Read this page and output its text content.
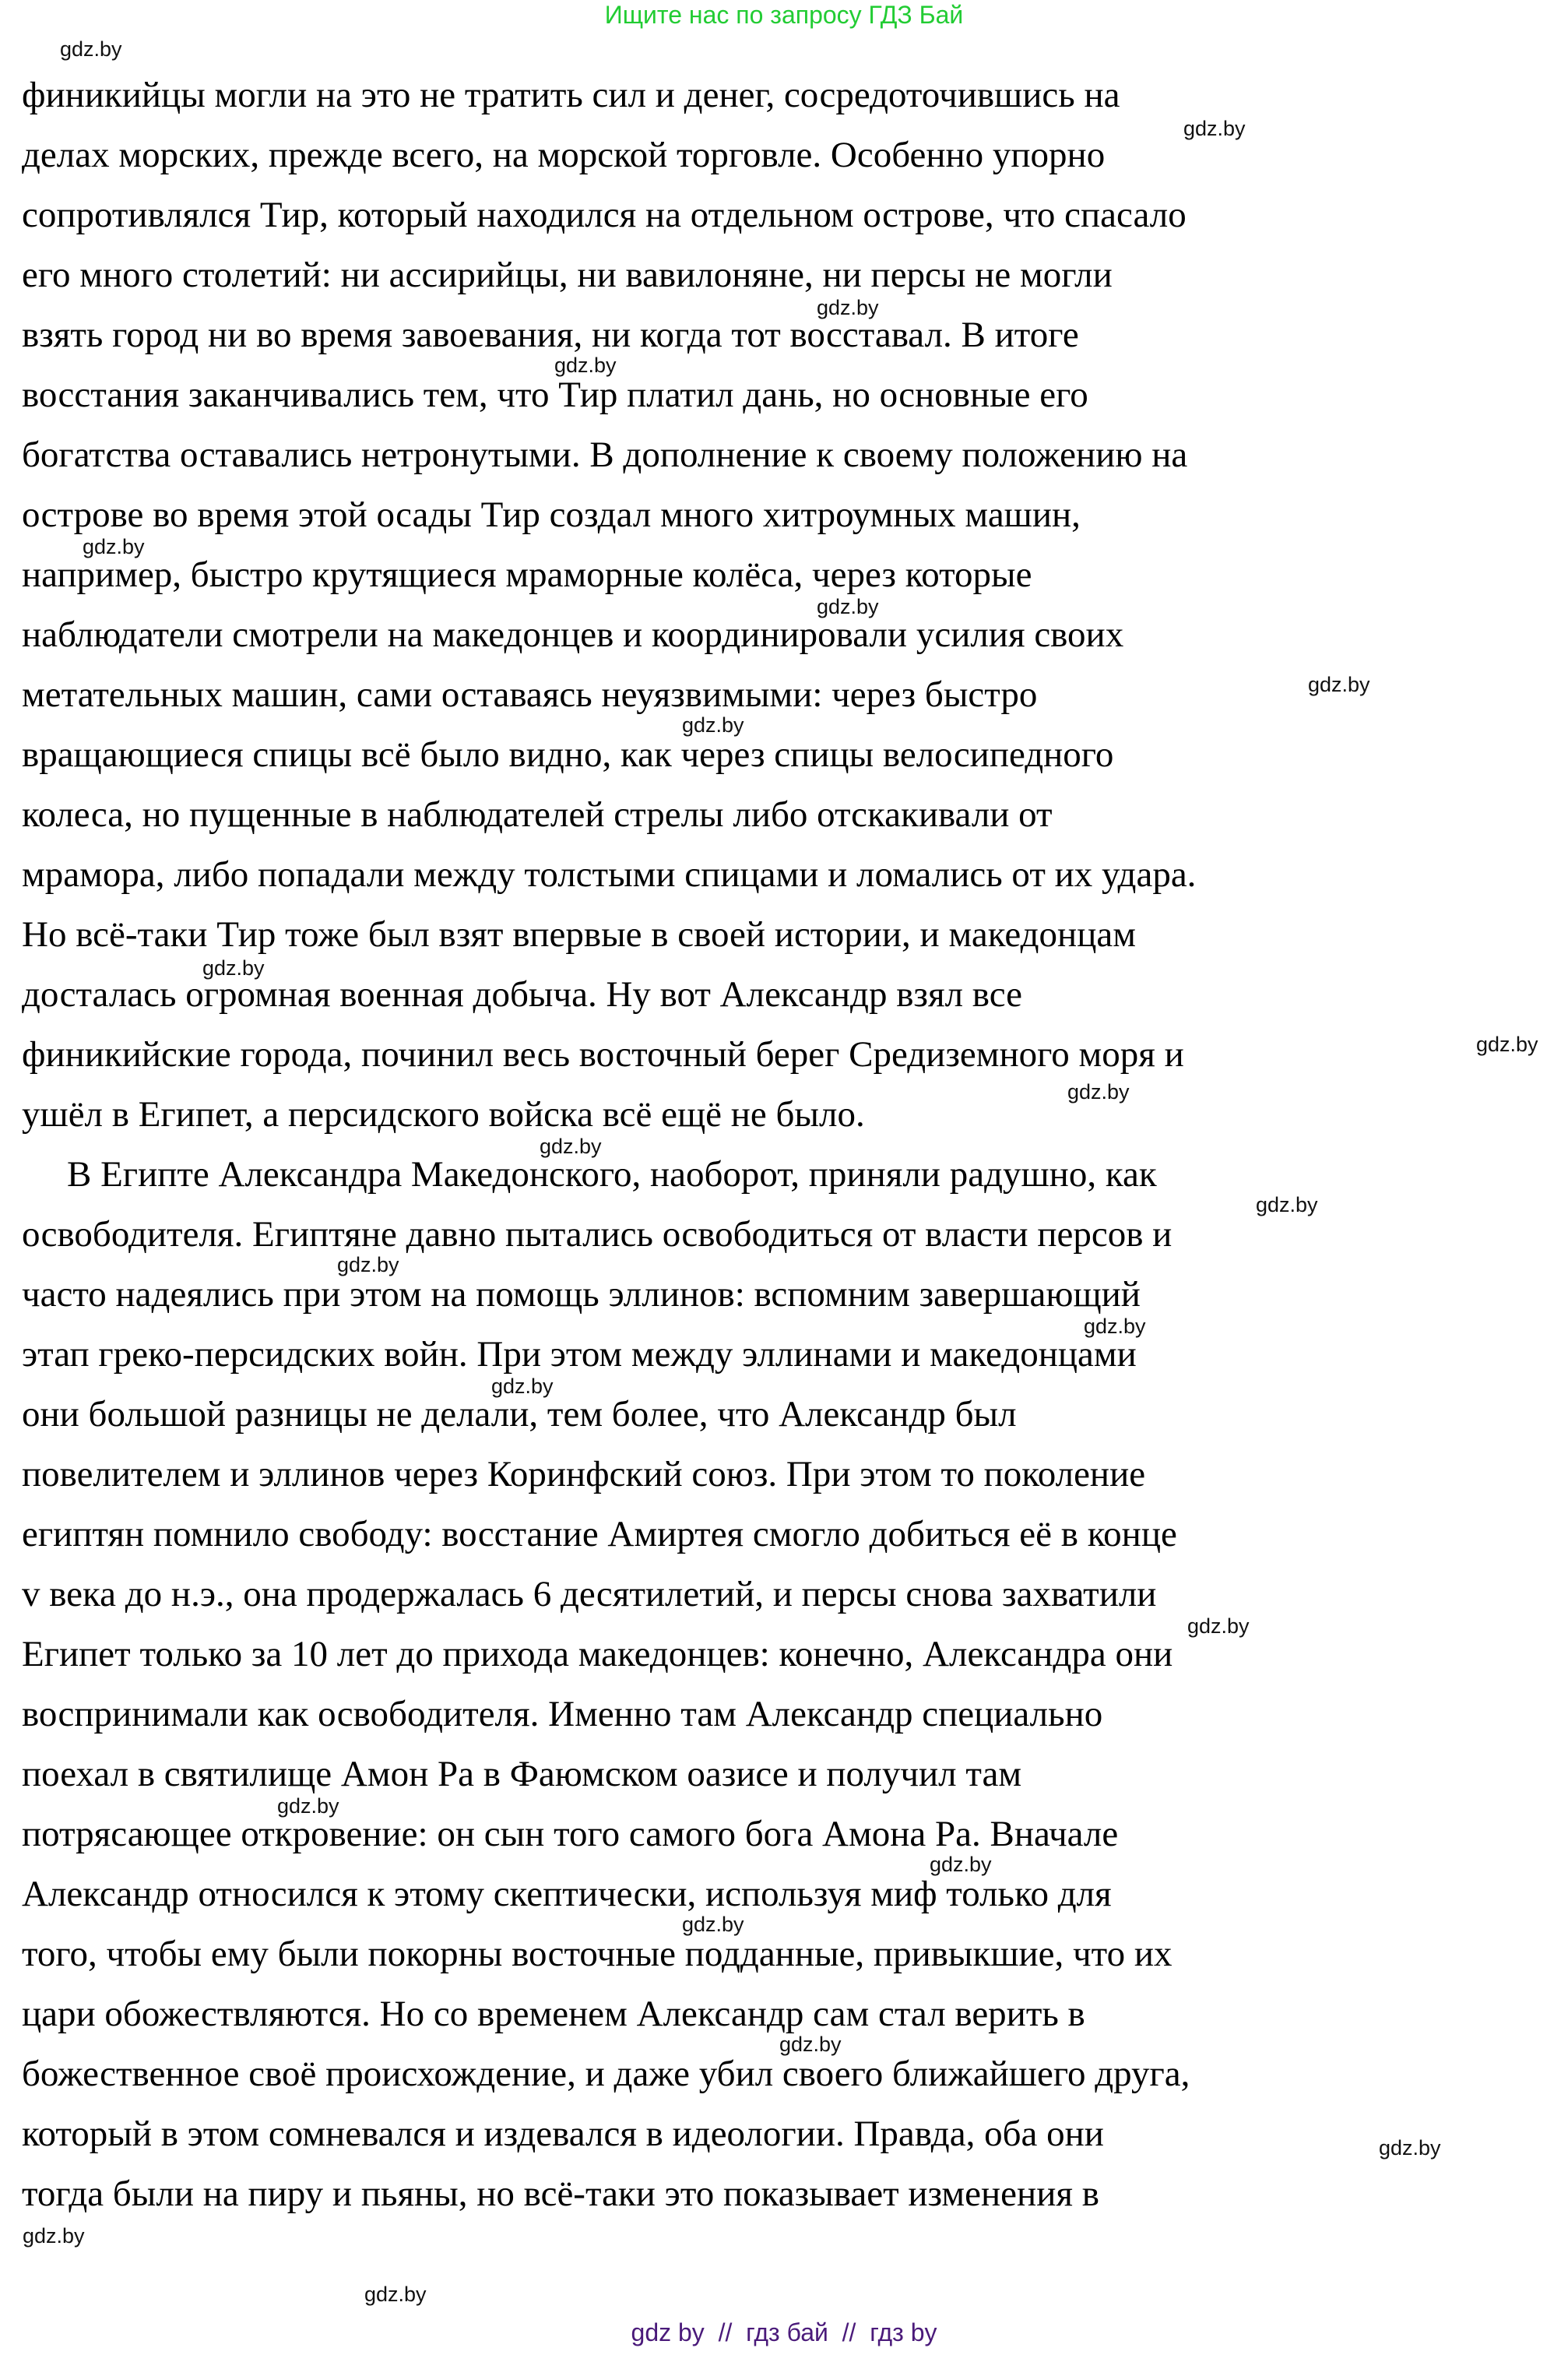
Ищите нас по запросу ГДЗ Бай
финикийцы могли на это не тратить сил и денег, сосредоточившись на
делах морских, прежде всего, на морской торговле. Особенно упорно
сопротивлялся Тир, который находился на отдельном острове, что спасало
его много столетий: ни ассирийцы, ни вавилоняне, ни персы не могли
взять город ни во время завоевания, ни когда тот восставал. В итоге
восстания заканчивались тем, что Тир платил дань, но основные его
богатства оставались нетронутыми. В дополнение к своему положению на
острове во время этой осады Тир создал много хитроумных машин,
например, быстро крутящиеся мраморные колёса, через которые
наблюдатели смотрели на македонцев и координировали усилия своих
метательных машин, сами оставаясь неуязвимыми: через быстро
вращающиеся спицы всё было видно, как через спицы велосипедного
колеса, но пущенные в наблюдателей стрелы либо отскакивали от
мрамора, либо попадали между толстыми спицами и ломались от их удара.
Но всё-таки Тир тоже был взят впервые в своей истории, и македонцам
досталась огромная военная добыча. Ну вот Александр взял все
финикийские города, починил весь восточный берег Средиземного моря и
ушёл в Египет, а персидского войска всё ещё не было.
В Египте Александра Македонского, наоборот, приняли радушно, как
освободителя. Египтяне давно пытались освободиться от власти персов и
часто надеялись при этом на помощь эллинов: вспомним завершающий
этап греко-персидских войн. При этом между эллинами и македонцами
они большой разницы не делали, тем более, что Александр был
повелителем и эллинов через Коринфский союз. При этом то поколение
египтян помнило свободу: восстание Амиртея смогло добиться её в конце
v века до н.э., она продержалась 6 десятилетий, и персы снова захватили
Египет только за 10 лет до прихода македонцев: конечно, Александра они
воспринимали как освободителя. Именно там Александр специально
поехал в святилище Амон Ра в Фаюмском оазисе и получил там
потрясающее откровение: он сын того самого бога Амона Ра. Вначале
Александр относился к этому скептически, используя миф только для
того, чтобы ему были покорны восточные подданные, привыкшие, что их
цари обожествляются. Но со временем Александр сам стал верить в
божественное своё происхождение, и даже убил своего ближайшего друга,
который в этом сомневался и издевался в идеологии. Правда, оба они
тогда были на пиру и пьяны, но всё-таки это показывает изменения в
gdz.by
gdz.by
gdz.by
gdz.by
gdz.by
gdz.by
gdz.by
gdz.by
gdz.by
gdz.by
gdz.by
gdz.by
gdz.by
gdz.by
gdz.by
gdz.by
gdz.by
gdz.by
gdz.by
gdz.by
gdz.by
gdz.by
gdz.by
gdz.by
gdz by  //  гдз бай  //  гдз by
